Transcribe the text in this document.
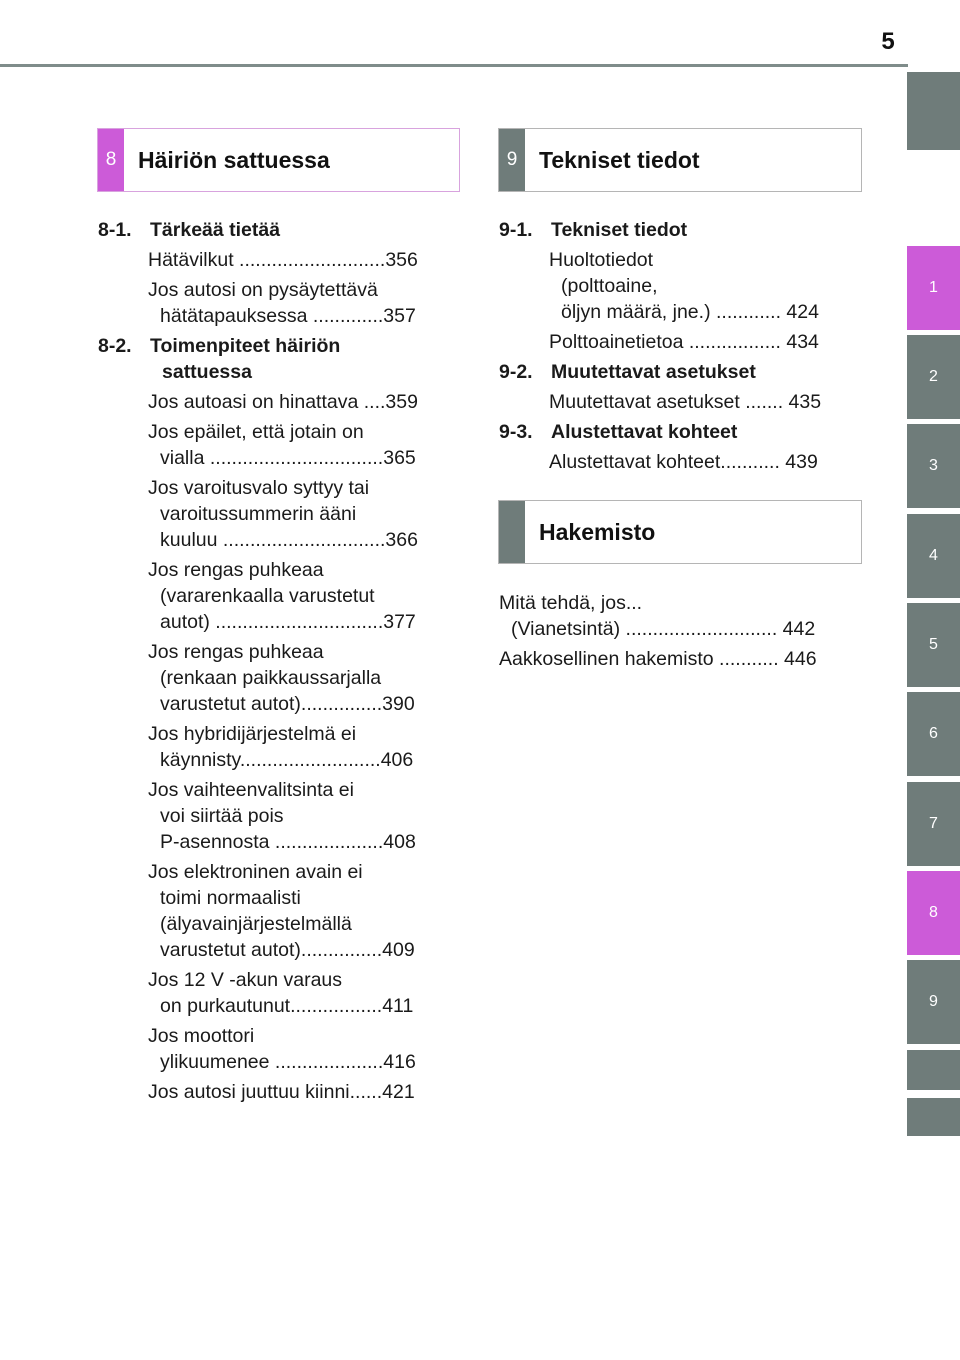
5
1
2
3
4
5
6
7
8
9
8 Häiriön sattuessa	9 Tekniset tiedot
Hakemisto
8-1. Tärkeää tietää
Hätävilkut ...........................356
Jos autosi on pysäytettävä
hätätapauksessa .............357
8-2. Toimenpiteet häiriön
sattuessa
Jos autoasi on hinattava ....359
Jos epäilet, että jotain on
vialla ................................365
Jos varoitusvalo syttyy tai
varoitussummerin ääni
kuuluu ..............................366
Jos rengas puhkeaa
(vararenkaalla varustetut
autot) ...............................377
Jos rengas puhkeaa
(renkaan paikkaussarjalla
varustetut autot)...............390
Jos hybridijärjestelmä ei
käynnisty..........................406
Jos vaihteenvalitsinta ei
voi siirtää pois
P-asennosta ....................408
Jos elektroninen avain ei
toimi normaalisti
(älyavainjärjestelmällä
varustetut autot)...............409
Jos 12 V -akun varaus
on purkautunut.................411
Jos moottori
ylikuumenee ....................416
Jos autosi juuttuu kiinni......421
9-1. Tekniset tiedot
Huoltotiedot
(polttoaine,
öljyn määrä, jne.) ............ 424
Polttoainetietoa ................. 434
9-2. Muutettavat asetukset
Muutettavat asetukset ....... 435
9-3. Alustettavat kohteet
Alustettavat kohteet........... 439
Mitä tehdä, jos...
(Vianetsintä) ............................ 442
Aakkosellinen hakemisto ........... 446
